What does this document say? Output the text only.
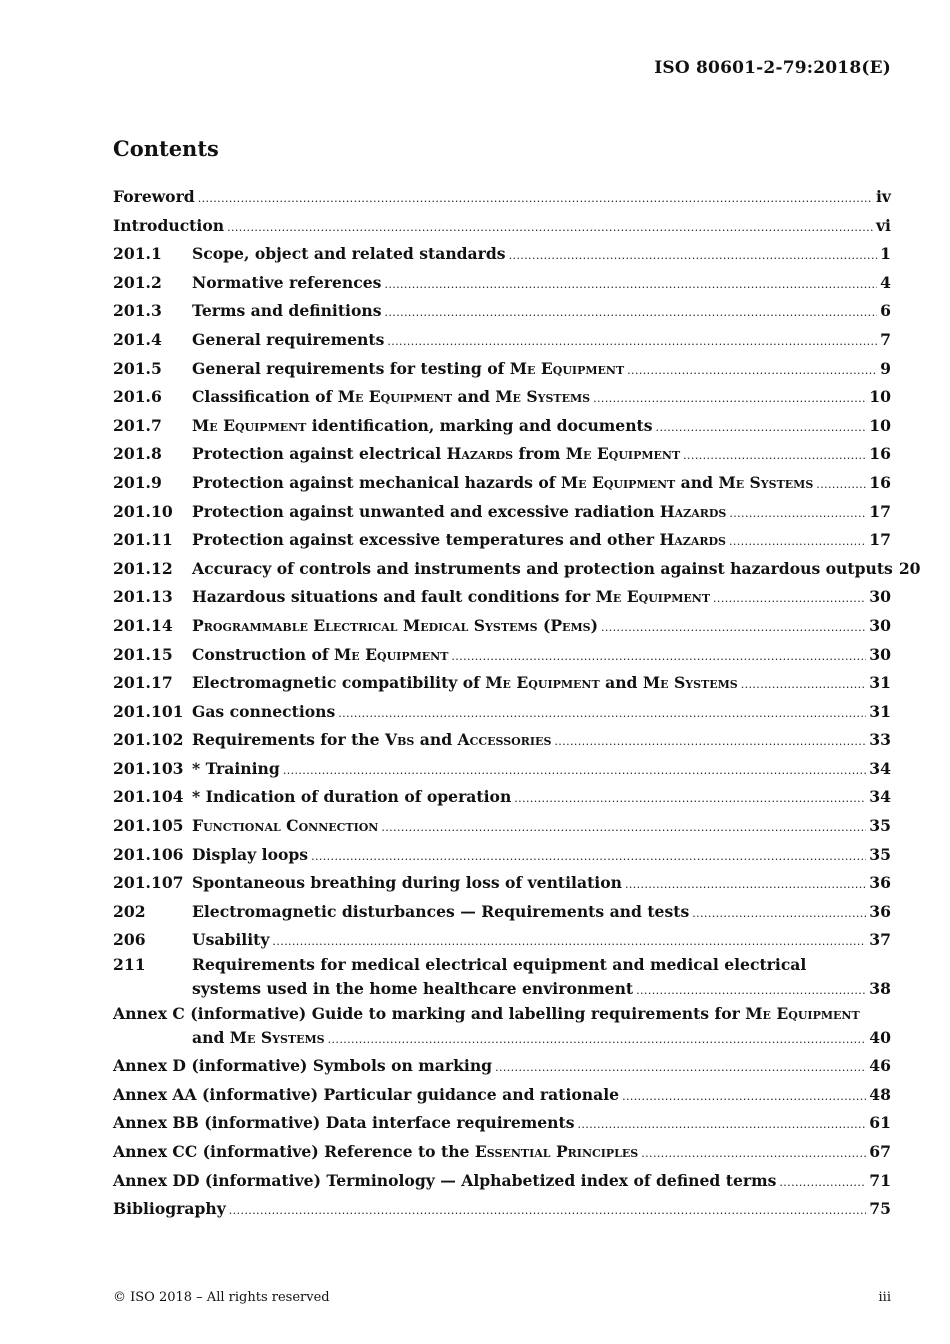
ISO 80601-2-79:2018(E)
Contents
Foreword .....	iv
Introduction .....	vi
201.1	Scope, object and related standards .....	1
201.2	Normative references .....	4
201.3	Terms and definitions .....	6
201.4	General requirements .....	7
201.5	General requirements for testing of Me Equipment .....	9
201.6	Classification of Me Equipment and Me Systems .....	10
201.7	Me Equipment identification, marking and documents .....	10
201.8	Protection against electrical Hazards from Me Equipment .....	16
201.9	Protection against mechanical hazards of Me Equipment and Me Systems .....	16
201.10	Protection against unwanted and excessive radiation Hazards .....	17
201.11	Protection against excessive temperatures and other Hazards .....	17
201.12	Accuracy of controls and instruments and protection against hazardous outputs 20
201.13	Hazardous situations and fault conditions for Me Equipment .....	30
201.14	Programmable Electrical Medical Systems (Pems) .....	30
201.15	Construction of Me Equipment .....	30
201.17	Electromagnetic compatibility of Me Equipment and Me Systems .....	31
201.101 Gas connections .....	31
201.102 Requirements for the Vbs and Accessories .....	33
201.103 * Training .....	34
201.104 * Indication of duration of operation .....	34
201.105 Functional Connection .....	35
201.106 Display loops .....	35
201.107 Spontaneous breathing during loss of ventilation .....	36
202	Electromagnetic disturbances — Requirements and tests .....	36
206	Usability .....	37
211	Requirements for medical electrical equipment and medical electrical
systems used in the home healthcare environment .....	38
Annex C (informative) Guide to marking and labelling requirements for Me Equipment
and Me Systems .....	40
Annex D (informative) Symbols on marking .....	46
Annex AA (informative) Particular guidance and rationale .....	48
Annex BB (informative) Data interface requirements .....	61
Annex CC (informative) Reference to the Essential Principles .....	67
Annex DD (informative) Terminology — Alphabetized index of defined terms .....	71
Bibliography .....	75
© ISO 2018 – All rights reserved	iii
